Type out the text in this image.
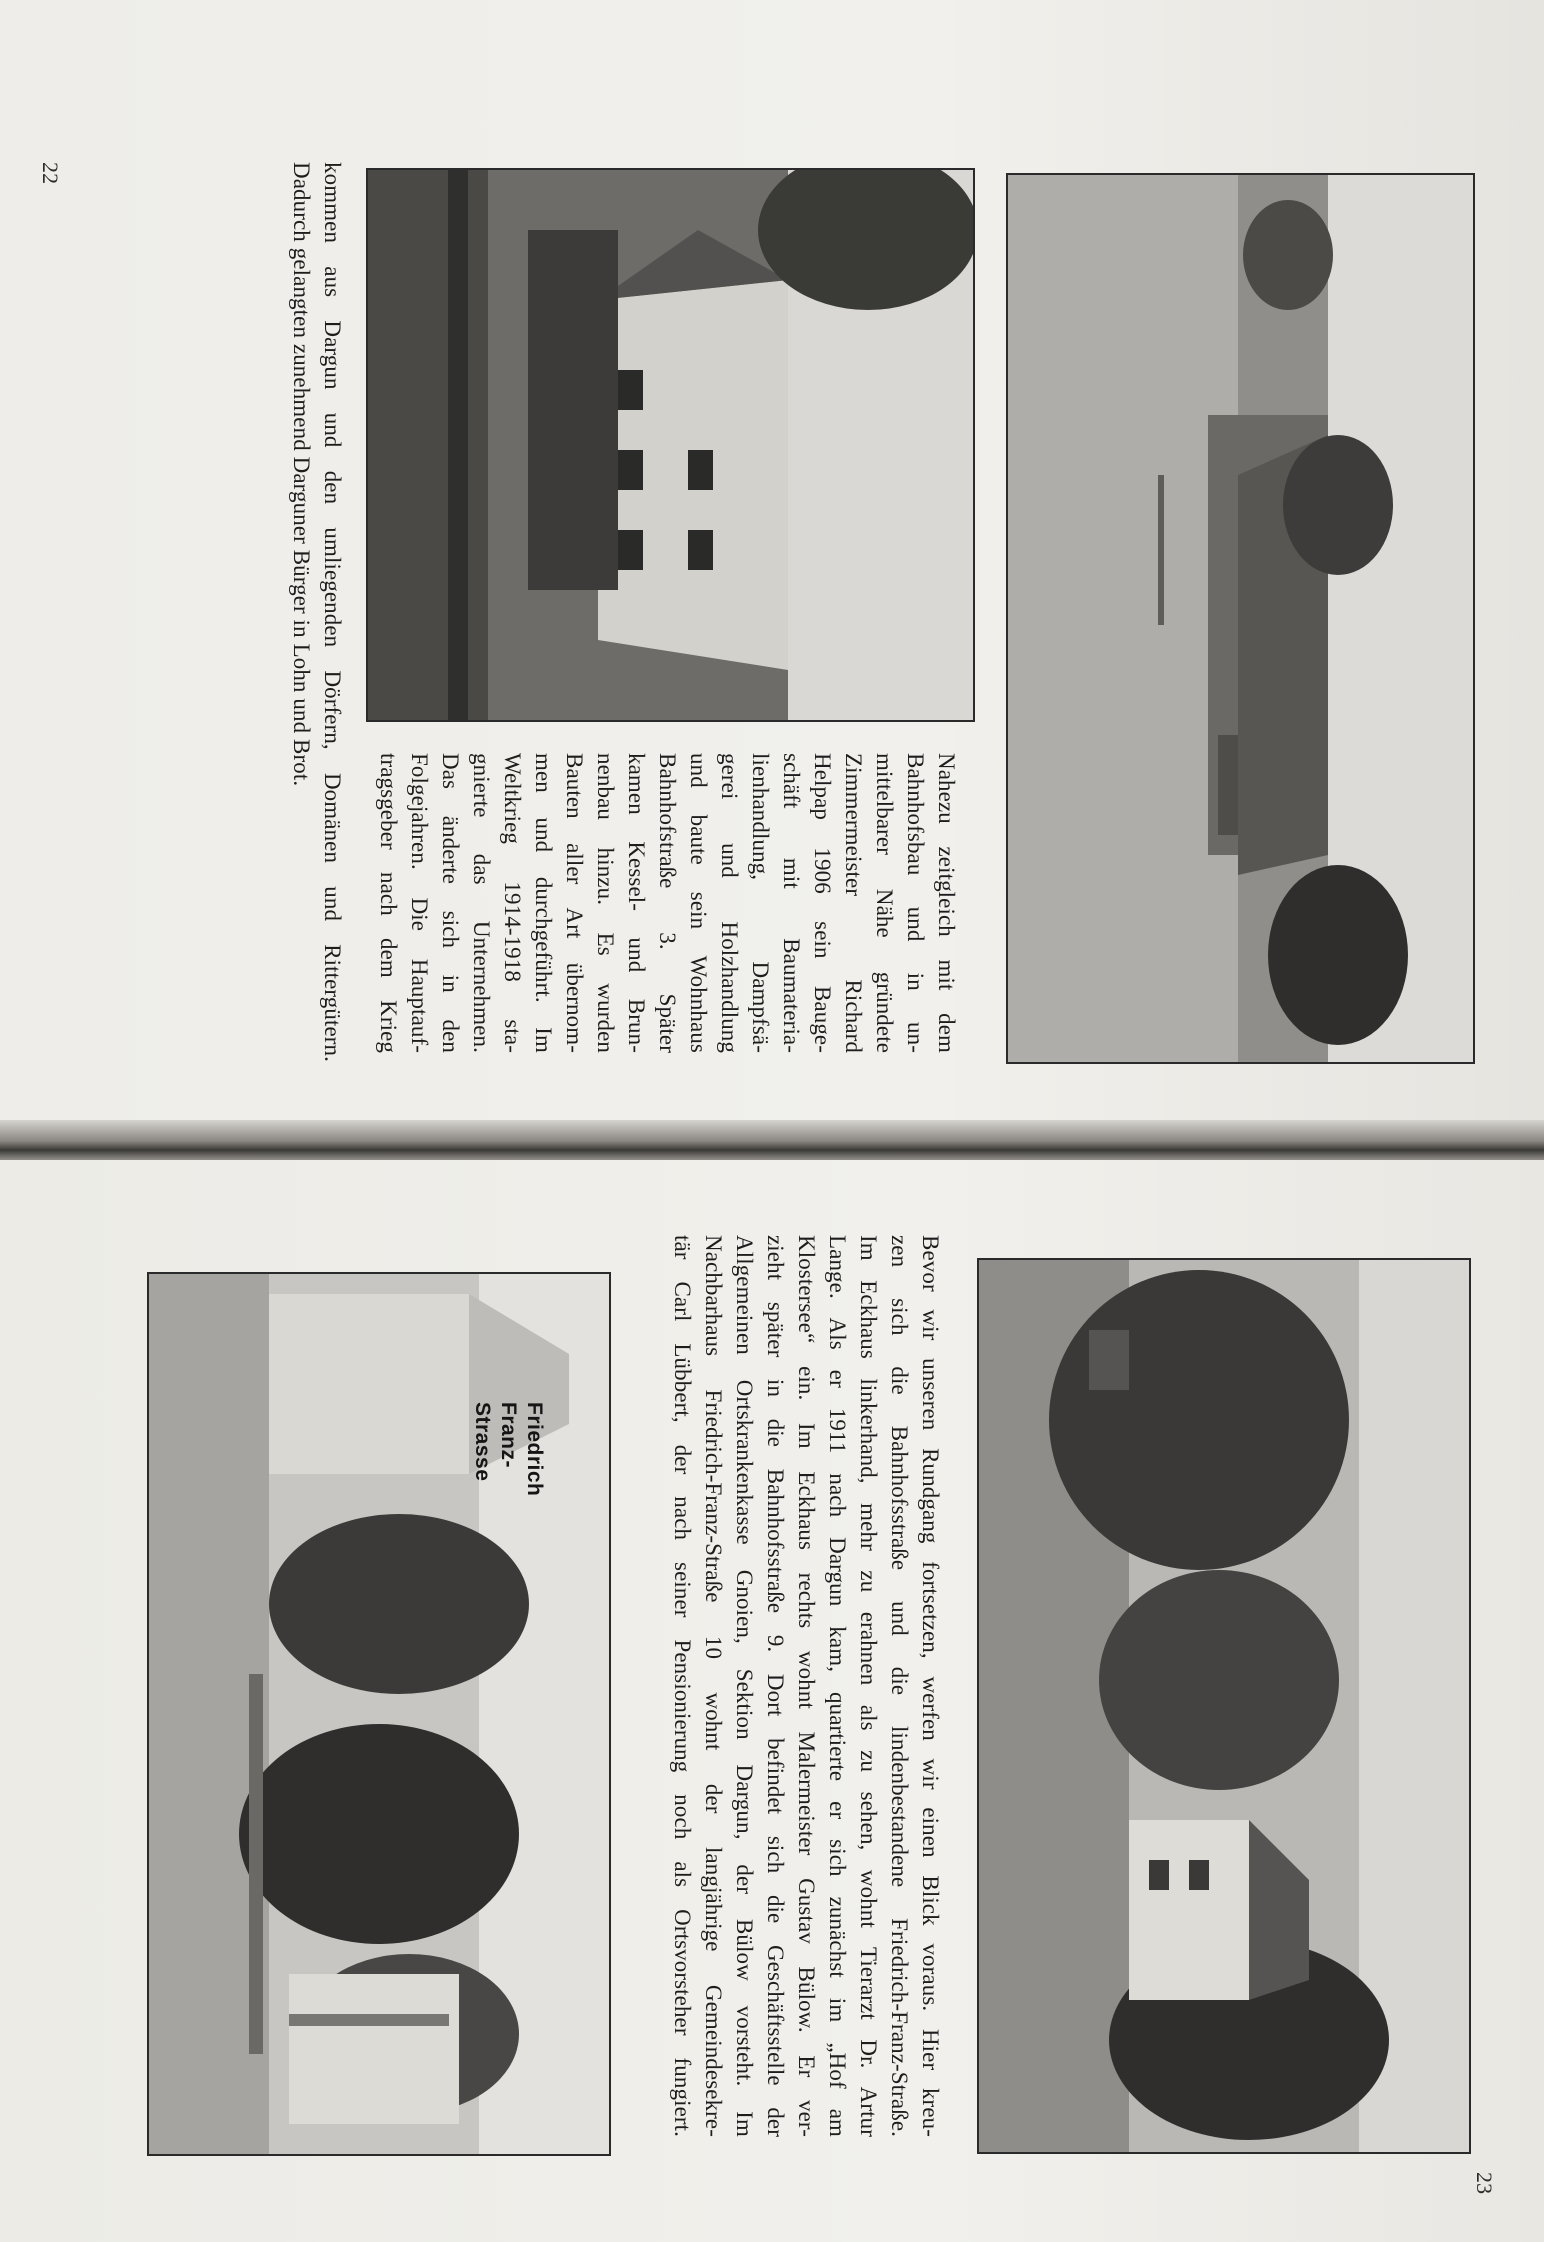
22

Nahezu zeitgleich mit dem

Bahnhofsbau und in un-

mittelbarer Nähe gründete

Zimmermeister Richard

Helpap 1906 sein Bauge-

schäft mit Baumateria-

lienhandlung, Dampfsä-

gerei und Holzhandlung

und baute sein Wohnhaus

Bahnhofstraße 3. Später

kamen Kessel- und Brun-

nenbau hinzu. Es wurden

Bauten aller Art übernom-

men und durchgeführt. Im

Weltkrieg 1914-1918 sta-

gnierte das Unternehmen.

Das änderte sich in den

Folgejahren. Die Hauptauf-

tragsgeber nach dem Krieg

kommen aus Dargun und den umliegenden Dörfern, Domänen und Rittergütern.

Dadurch gelangten zunehmend Darguner Bürger in Lohn und Brot.

Bevor wir unseren Rundgang fortsetzen, werfen wir einen Blick voraus. Hier kreu-

zen sich die Bahnhofsstraße und die lindenbestandene Friedrich-Franz-Straße.

Im Eckhaus linkerhand, mehr zu erahnen als zu sehen, wohnt Tierarzt Dr. Artur

Lange. Als er 1911 nach Dargun kam, quartierte er sich zunächst im „Hof am

Klostersee“ ein. Im Eckhaus rechts wohnt Malermeister Gustav Bülow. Er ver-

zieht später in die Bahnhofsstraße 9. Dort befindet sich die Geschäftsstelle der

Allgemeinen Ortskrankenkasse Gnoien, Sektion Dargun, der Bülow vorsteht. Im

Nachbarhaus Friedrich-Franz-Straße 10 wohnt der langjährige Gemeindesekre-

tär Carl Lübbert, der nach seiner Pensionierung noch als Ortsvorsteher fungiert.

Friedrich Franz-Strasse
23
